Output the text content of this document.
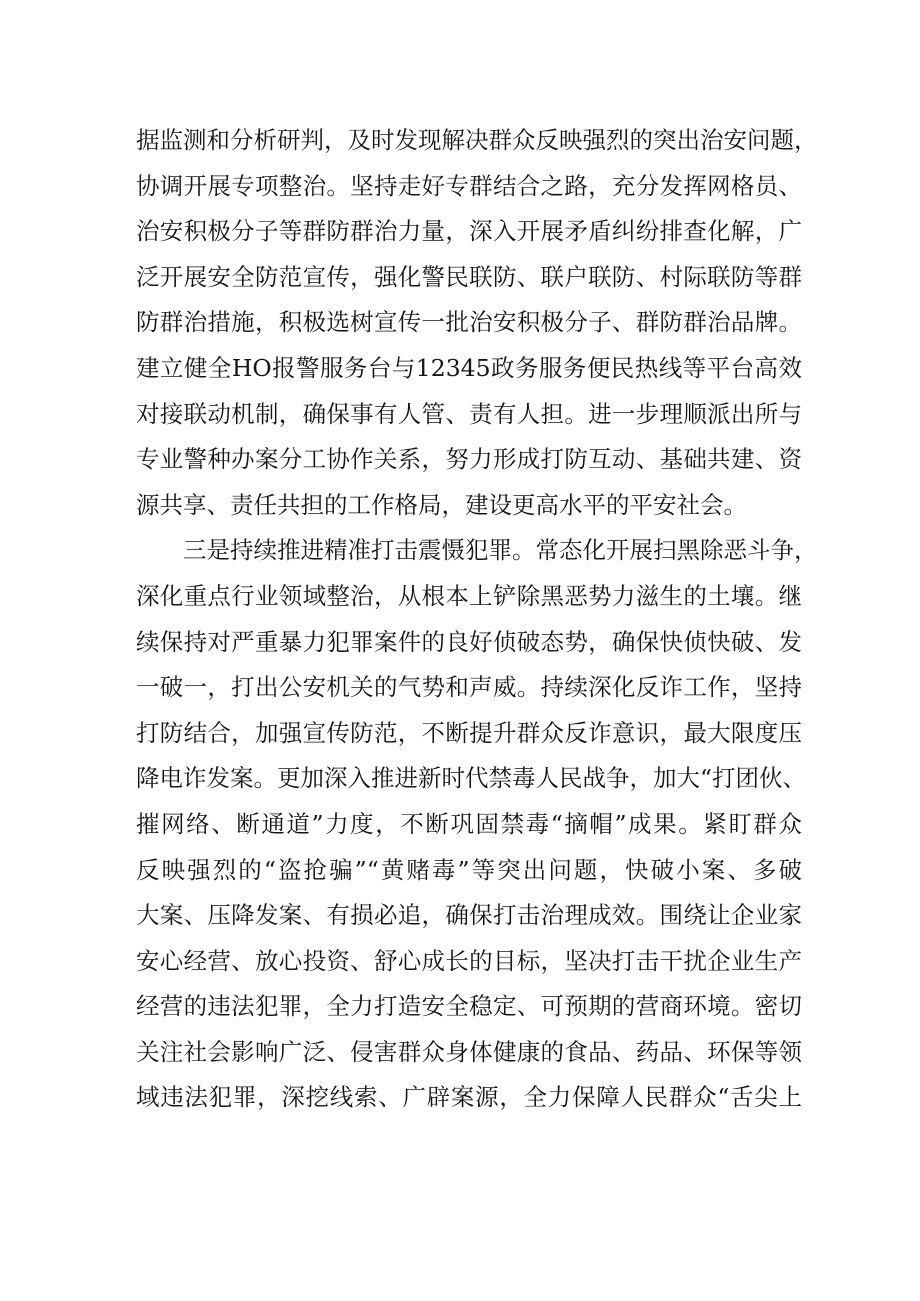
据监测和分析研判，及时发现解决群众反映强烈的突出治安问题，
协调开展专项整治。坚持走好专群结合之路，充分发挥网格员、
治安积极分子等群防群治力量，深入开展矛盾纠纷排查化解，广
泛开展安全防范宣传，强化警民联防、联户联防、村际联防等群
防群治措施，积极选树宣传一批治安积极分子、群防群治品牌。
建立健全HO报警服务台与12345政务服务便民热线等平台高效
对接联动机制，确保事有人管、责有人担。进一步理顺派出所与
专业警种办案分工协作关系，努力形成打防互动、基础共建、资
源共享、责任共担的工作格局，建设更高水平的平安社会。
三是持续推进精准打击震慑犯罪。常态化开展扫黑除恶斗争，
深化重点行业领域整治，从根本上铲除黑恶势力滋生的土壤。继
续保持对严重暴力犯罪案件的良好侦破态势，确保快侦快破、发
一破一，打出公安机关的气势和声威。持续深化反诈工作，坚持
打防结合，加强宣传防范，不断提升群众反诈意识，最大限度压
降电诈发案。更加深入推进新时代禁毒人民战争，加大“打团伙、
摧网络、断通道”力度，不断巩固禁毒“摘帽”成果。紧盯群众
反映强烈的“盗抢骗”“黄赌毒”等突出问题，快破小案、多破
大案、压降发案、有损必追，确保打击治理成效。围绕让企业家
安心经营、放心投资、舒心成长的目标，坚决打击干扰企业生产
经营的违法犯罪，全力打造安全稳定、可预期的营商环境。密切
关注社会影响广泛、侵害群众身体健康的食品、药品、环保等领
域违法犯罪，深挖线索、广辟案源，全力保障人民群众“舌尖上
